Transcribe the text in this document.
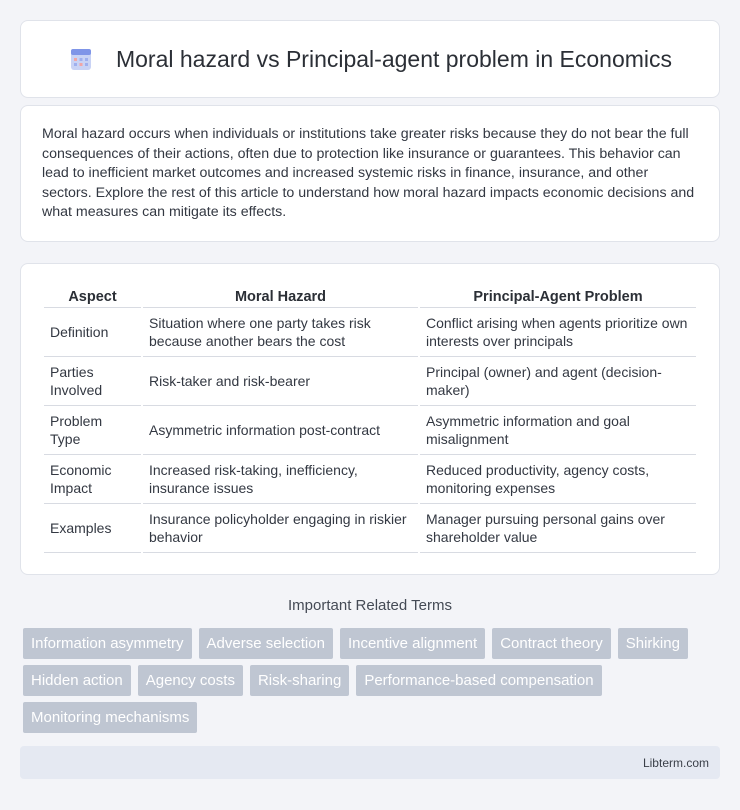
Moral hazard vs Principal-agent problem in Economics

Moral hazard occurs when individuals or institutions take greater risks because they do not bear the full consequences of their actions, often due to protection like insurance or guarantees. This behavior can lead to inefficient market outcomes and increased systemic risks in finance, insurance, and other sectors. Explore the rest of this article to understand how moral hazard impacts economic decisions and what measures can mitigate its effects.

Aspect	Moral Hazard	Principal-Agent Problem
Definition	Situation where one party takes risk because another bears the cost	Conflict arising when agents prioritize own interests over principals
Parties Involved	Risk-taker and risk-bearer	Principal (owner) and agent (decision-maker)
Problem Type	Asymmetric information post-contract	Asymmetric information and goal misalignment
Economic Impact	Increased risk-taking, inefficiency, insurance issues	Reduced productivity, agency costs, monitoring expenses
Examples	Insurance policyholder engaging in riskier behavior	Manager pursuing personal gains over shareholder value
Important Related Terms
Information asymmetry	Adverse selection	Incentive alignment	Contract theory	Shirking
Hidden action	Agency costs	Risk-sharing	Performance-based compensation
Monitoring mechanisms
Libterm.com
